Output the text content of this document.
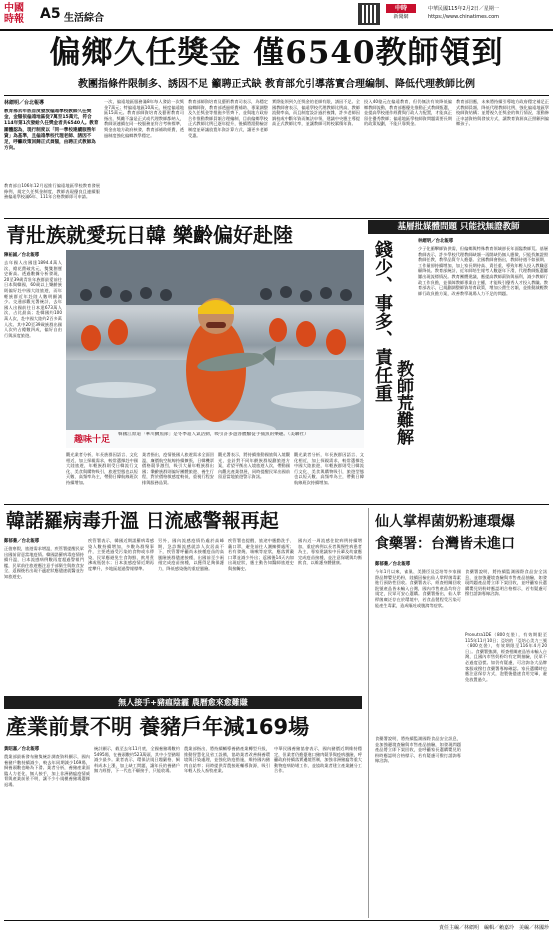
中國
時報	A5 生活綜合
中時
新聞網
中華民國115年2月2日／星期一
https://www.chinatimes.com
偏鄉久任獎金 僅6540教師領到
教團指條件限制多、誘因不足 籲聘正式缺 教育部允引導落實合理編制、降低代理教師比例
林縉明／台北報導
教育部去年底首度發放偏遠學校教師久任獎金，金額依偏遠地區從7萬至15萬元，符合114年第1次發給久任獎金者共6540人。教育團體認為，現行制度以「同一學校連續服務年資」為基準，且偏遠學校代理老師、誘因不足，呼籲政策回歸正式員額，由聘正式教師為方向。
教育部自106年12月起推行偏遠地區學校教育發展條例，規定久任獎金制度，教師表現優良且連續服務偏遠學校滿6年、111年合格教師即可申請。
一次，偏遠地區服務滿8年每人發給一次獎金7萬元；特偏遠地區10萬元、極度偏遠地區15萬元。教育部師資培育及藝術教育司指出，獎勵不論是正式或代理教師都納入，教師須連續在同一校服務並符合考核標準，獎金由地方政府核發，教育部補助經費，透過制度強化偏鄉教學穩定。
教育部師資培育及藝術教育司表示，為穩定偏鄉師資，教育部透過經費補助、專案調整及久任獎金等措施多管齊下，並與地方政府合作推動教師員額合理編制，目前偏鄉學校正式教師比例已逐年提升，後續將滾動檢討制度並研議放寬年資計算方式，讓更多老師受惠。
實際能領到久任獎金的老師有限，誘因不足。全國教師會表示，偏遠學校代理教師比例高，教師流動率高，而且制度設計過於複雜，許多老師因調校或中斷年資而無法申領，建議中央應主導提高正式教師比率，並讓教師可跨校累積年資。
投入40億元在偏遠教育，但仍無法有效降低偏鄉教師流動，教育部應優先推動正式教師甄選，並提高學校運作經費與行政人力配置，才能真正留住優秀教師；偏遠地區學校師資問題需要長期的政策規劃，不能只靠獎金。
教育部回應，未來將持續引導地方政府穩定補足正式教師員額，降低代理教師比例，強化偏遠地區學校師資結構；並將視久任獎金的執行情況，滾動修正申請資格與發放方式，讓教育資源真正照顧到偏鄉孩子。
青壯族就愛玩日韓 樂齡偏好赴陸
陳祐誠／台北報導
去年國人出國達1894.4萬人次，總花費破兆元，雙雙創歷史新高。透過數據分析發現，20至39歲青壯年族群最愛前往日本與韓國，60歲以上樂齡族則偏好赴中國大陸旅遊，而年輕族群近年赴陸人數明顯減少。交通部觀光署統計，去年國人出國前往日本達673萬人次，占比最高；赴韓國約100萬人次，赴中國大陸約2百多萬人次。其中20至39歲族群出國人次約占總數四成，偏好自由行與深度旅遊。
趣味十足
韓國江原道「華川鱒魚節」是冬季超人氣活動，吸引許多遊客體驗徒手捕魚的樂趣。（美聯社）
觀光業者分析，年長族群因語言、文化相近，加上探親需求，較常選擇赴中國大陸旅遊，年輕族群則受日韓流行文化、美食與購物吸引，旅遊型態也以短天數、高頻率為主，帶動日韓航線班次持續增加。
業者指出，疫情後國人旅遊需求全面回溫，廉價航空航線持續擴張，日韓機票價格競爭激烈，吸引大量年輕族群出國；樂齡族群則偏好團體旅遊、養生行程，對於價格敏感度較低，重視行程安排與服務品質。
觀光署表示，將持續推動國旅與入境觀光，並針對不同年齡族群規劃旅遊方案，希望平衡出入境旅遊人次，帶動國內觀光產業發展，同時提醒民眾出國前留意當地旅遊警示資訊。
觀光業者分析，年長族群因語言、文化相近，加上探親需求，較常選擇赴中國大陸旅遊，年輕族群則受日韓流行文化、美食與購物吸引，旅遊型態也以短天數、高頻率為主，帶動日韓航線班次持續增加。
基層批媒體問題 只能找無證教師
錢少、事多、責任重
教師荒難解
林縉明／台北報導
少子化衝擊師資供需，但偏鄉與特殊教育領域卻長年面臨教師荒。基層教師表示，許多學校代理教師缺額一再開缺仍無人應徵，只能找無證照教師任教，教學品質令人擔憂。全國教師會指出，教師待遇不如預期、工作量卻持續增加，加上家長期待高、責任重，導致年輕人投入教職意願降低。教育部統計，近年師培生報考人數逐年下滑，代理教師甄選屢屢出現流標情況。教育團體建議，應提高教師薪資與福利，減少教師行政工作負擔，並保障教師專業自主權，才能吸引優秀人才投入教職。教育部表示，已規劃調整師資培育政策，增加公費生名額，並推動減輕教師行政負擔方案，改善教學現場人力不足的問題。
韓諾羅病毒升溫 日流感警報再起
鄭郁蓁／台北報導
正值寒假，旅遊需求增溫，疾管署提醒民眾出國前留意當地疫情。韓國諾羅病毒疫情持續升溫，日本流感病例數再度超過警報門檻，民眾前往旅遊應注意手部衛生與飲食安全，返國後若出現不適症狀應儘速就醫並告知旅遊史。
疾管署表示，韓國近期諾羅病毒感染人數持續增加，多數為群聚事件，主要透過受污染的食物或水傳染，民眾應避免生食海鮮，飲用煮沸或瓶裝水；日本流感疫情近期再度攀升，多地區超過警報標準。
另外，國內流感疫情仍處於高峰期，急診類流感就診人次居高不下，疾管署呼籲尚未接種疫苗的高風險族群儘速接種，出國前至少兩週完成疫苗接種，以獲得足夠保護力，降低感染後的重症風險。
疾管署也提醒，旅途中應勤洗手、戴口罩，避免前往人潮擁擠處所；若有發燒、咳嗽等症狀，應落實戴口罩並減少外出；返國後14天內如出現症狀，應主動告知醫師旅遊史與接觸史。
國內近一周流感住院病例持續增加，重症病例以長者與慢性病患者為主，專家建議家中長輩及幼童應完成疫苗接種，並注意保暖與均衡飲食，以維護身體健康。
仙人掌桿菌奶粉連環爆
食藥署：台灣皆未進口
鄭郁蓁／台北報導
今年1月以來，雀巢、美贊臣及亞培等多家國際品牌嬰兒奶粉，陸續因檢出仙人掌桿菌毒素進行預防性回收。食藥署表示，經查相關回收批號產品皆未輸入台灣，國內市售產品均符合規定，民眾可安心選購。食藥署指出，仙人掌桿菌廣泛存在於環境中，若食品製程受污染可能產生毒素，造成嘔吐或腹瀉等症狀。
食藥署說明，將持續監測國際食品安全訊息，並加強邊境查驗與市售產品抽驗，如發現問題產品將立即下架回收，並呼籲家長選購嬰兒奶粉時應認明合格標示，若有疑慮可撥打諮詢專線洽詢。
Pronutra1DE（800克裝），有效期限至115年11月10日；亞培的「亞培心美力三號（800克裝），有效期限至116年4月20日」。食藥署強調，經查相關產品皆未輸入台灣，且國內市售奶粉均有定期抽驗，民眾不必過度恐慌。如仍有疑慮，可洽詢各大品牌客服或撥打食藥署專線確認。家長選購時也應注意保存方式，泡製後儘速食用完畢，避免放置過久。
食藥署說明，將持續監測國際食品安全訊息，並加強邊境查驗與市售產品抽驗，如發現問題產品將立即下架回收，並呼籲家長選購嬰兒奶粉時應認明合格標示，若有疑慮可撥打諮詢專線洽詢。
無人接手+豬瘟陰霾 農曆愈來愈難賺
產業前景不明 養豬戶年減169場
黃昭嘉／台北報導
農業部最新發布豬隻統計調查資料顯示，國內養豬戶數持續減少，較去年同期減少169場，飼養頭數也略為下滑。業者分析，養豬產業面臨人力老化、無人接手，加上非洲豬瘟疫情威脅與產業前景不明，讓不少小規模養豬場選擇退場。
統計顯示，截至去年11月底，全國養豬場數約5495場，在養頭數約523萬頭，其中小型豬場減少最多。業者表示，環保法規日趨嚴格、飼料成本上漲，加上缺工問題，讓年長的養豬戶無力經營，下一代也不願接手，只能收場。
農業部指出，將持續輔導養豬產業轉型升級，推動智慧化及省工設備，協助業者改善飼養環境與汙染處理，並強化防疫措施，維持國內豬肉自給率；同時提供青農接班輔導資源，吸引年輕人投入畜牧產業。
中華民國養豬協會表示，國內豬價近期維持穩定，但業者仍擔憂進口豬肉競爭與疫病風險，呼籲政府持續落實邊境管制，加強非洲豬瘟等重大動物疫病防堵工作，並協助業者建立產業鏈分工合作。
責任主編／林縉明　編輯／賴嘉玲　美編／林國珍
